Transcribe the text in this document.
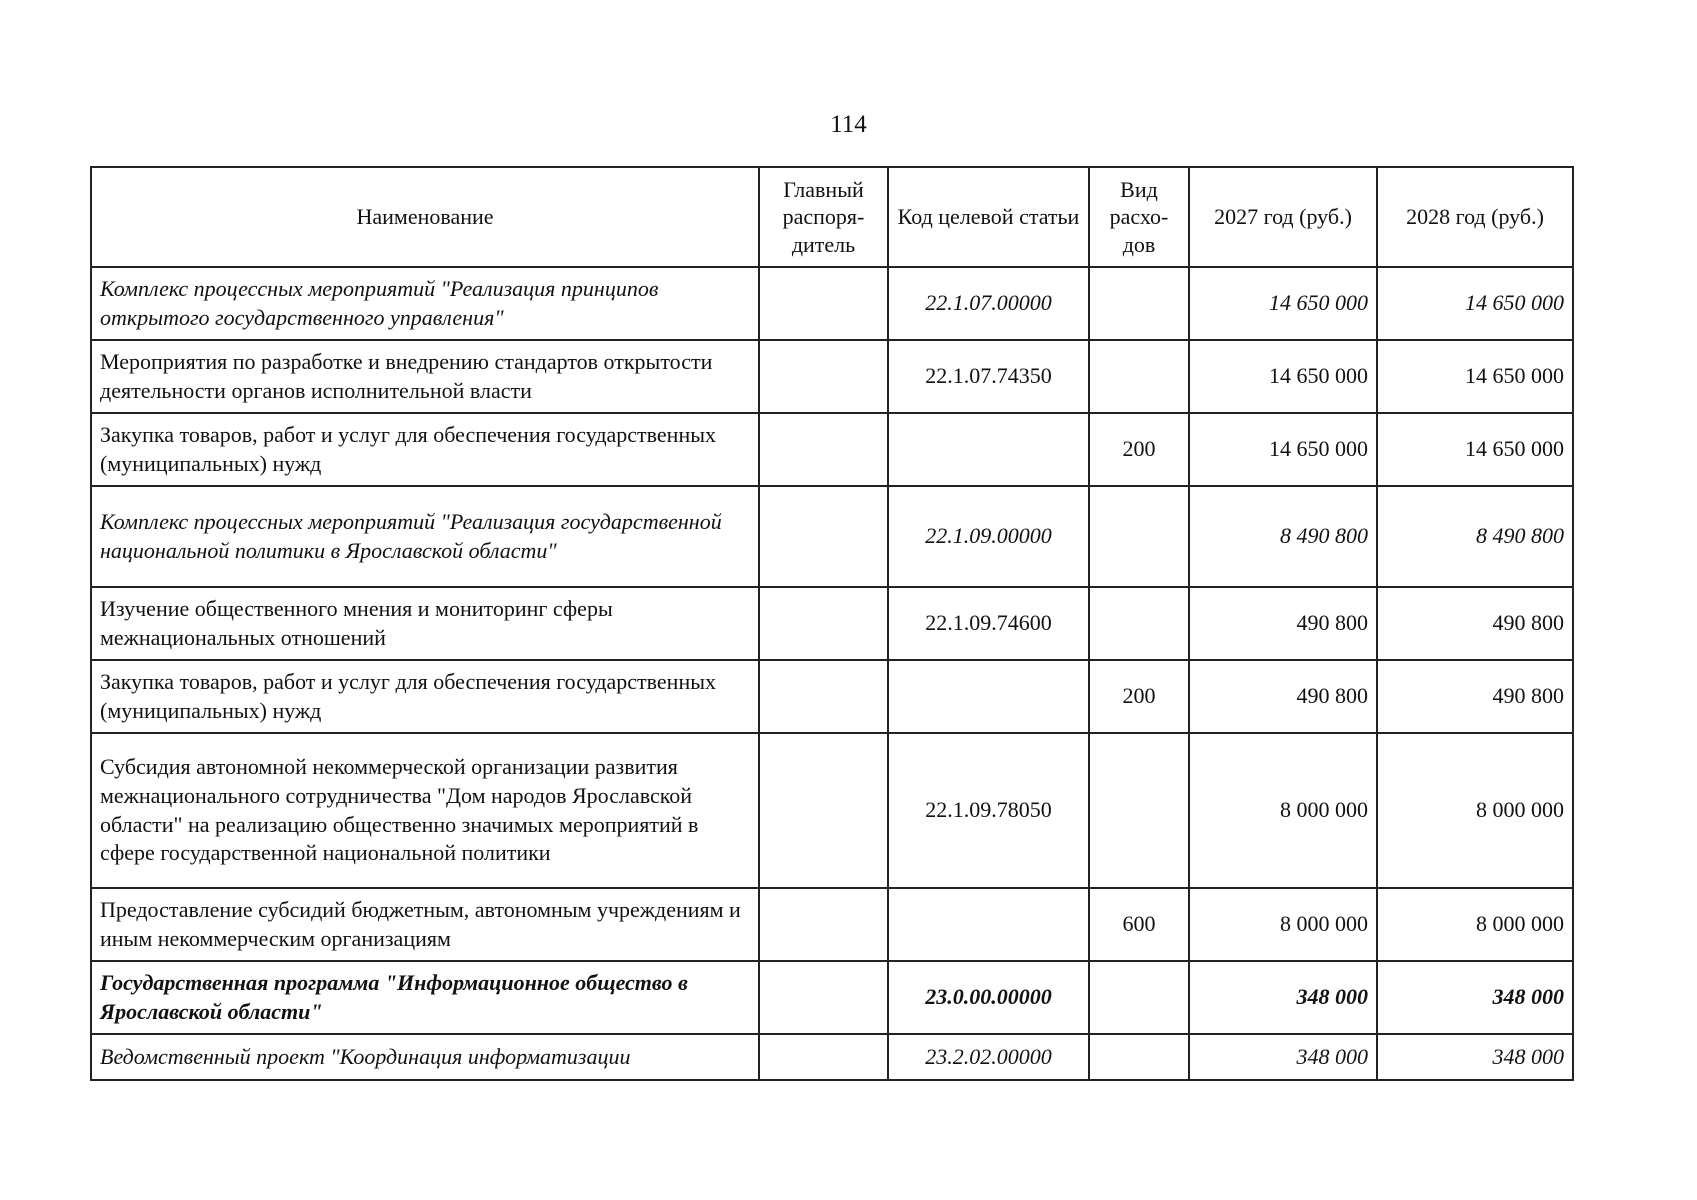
114
Наименование	Главный распоря-дитель	Код целевой статьи	Вид расхо-дов	2027 год (руб.)	2028 год (руб.)
Комплекс процессных мероприятий "Реализация принципов открытого государственного управления"		22.1.07.00000		14 650 000	14 650 000
Мероприятия по разработке и внедрению стандартов открытости деятельности органов исполнительной власти		22.1.07.74350		14 650 000	14 650 000
Закупка товаров, работ и услуг для обеспечения государственных (муниципальных) нужд			200	14 650 000	14 650 000
Комплекс процессных мероприятий "Реализация государственной национальной политики в Ярославской области"		22.1.09.00000		8 490 800	8 490 800
Изучение общественного мнения и мониторинг сферы межнациональных отношений		22.1.09.74600		490 800	490 800
Закупка товаров, работ и услуг для обеспечения государственных (муниципальных) нужд			200	490 800	490 800
Субсидия автономной некоммерческой организации развития межнационального сотрудничества "Дом народов Ярославской области" на реализацию общественно значимых мероприятий в сфере государственной национальной политики		22.1.09.78050		8 000 000	8 000 000
Предоставление субсидий бюджетным, автономным учреждениям и иным некоммерческим организациям			600	8 000 000	8 000 000
Государственная программа "Информационное общество в Ярославской области"		23.0.00.00000		348 000	348 000
Ведомственный проект "Координация информатизации		23.2.02.00000		348 000	348 000
